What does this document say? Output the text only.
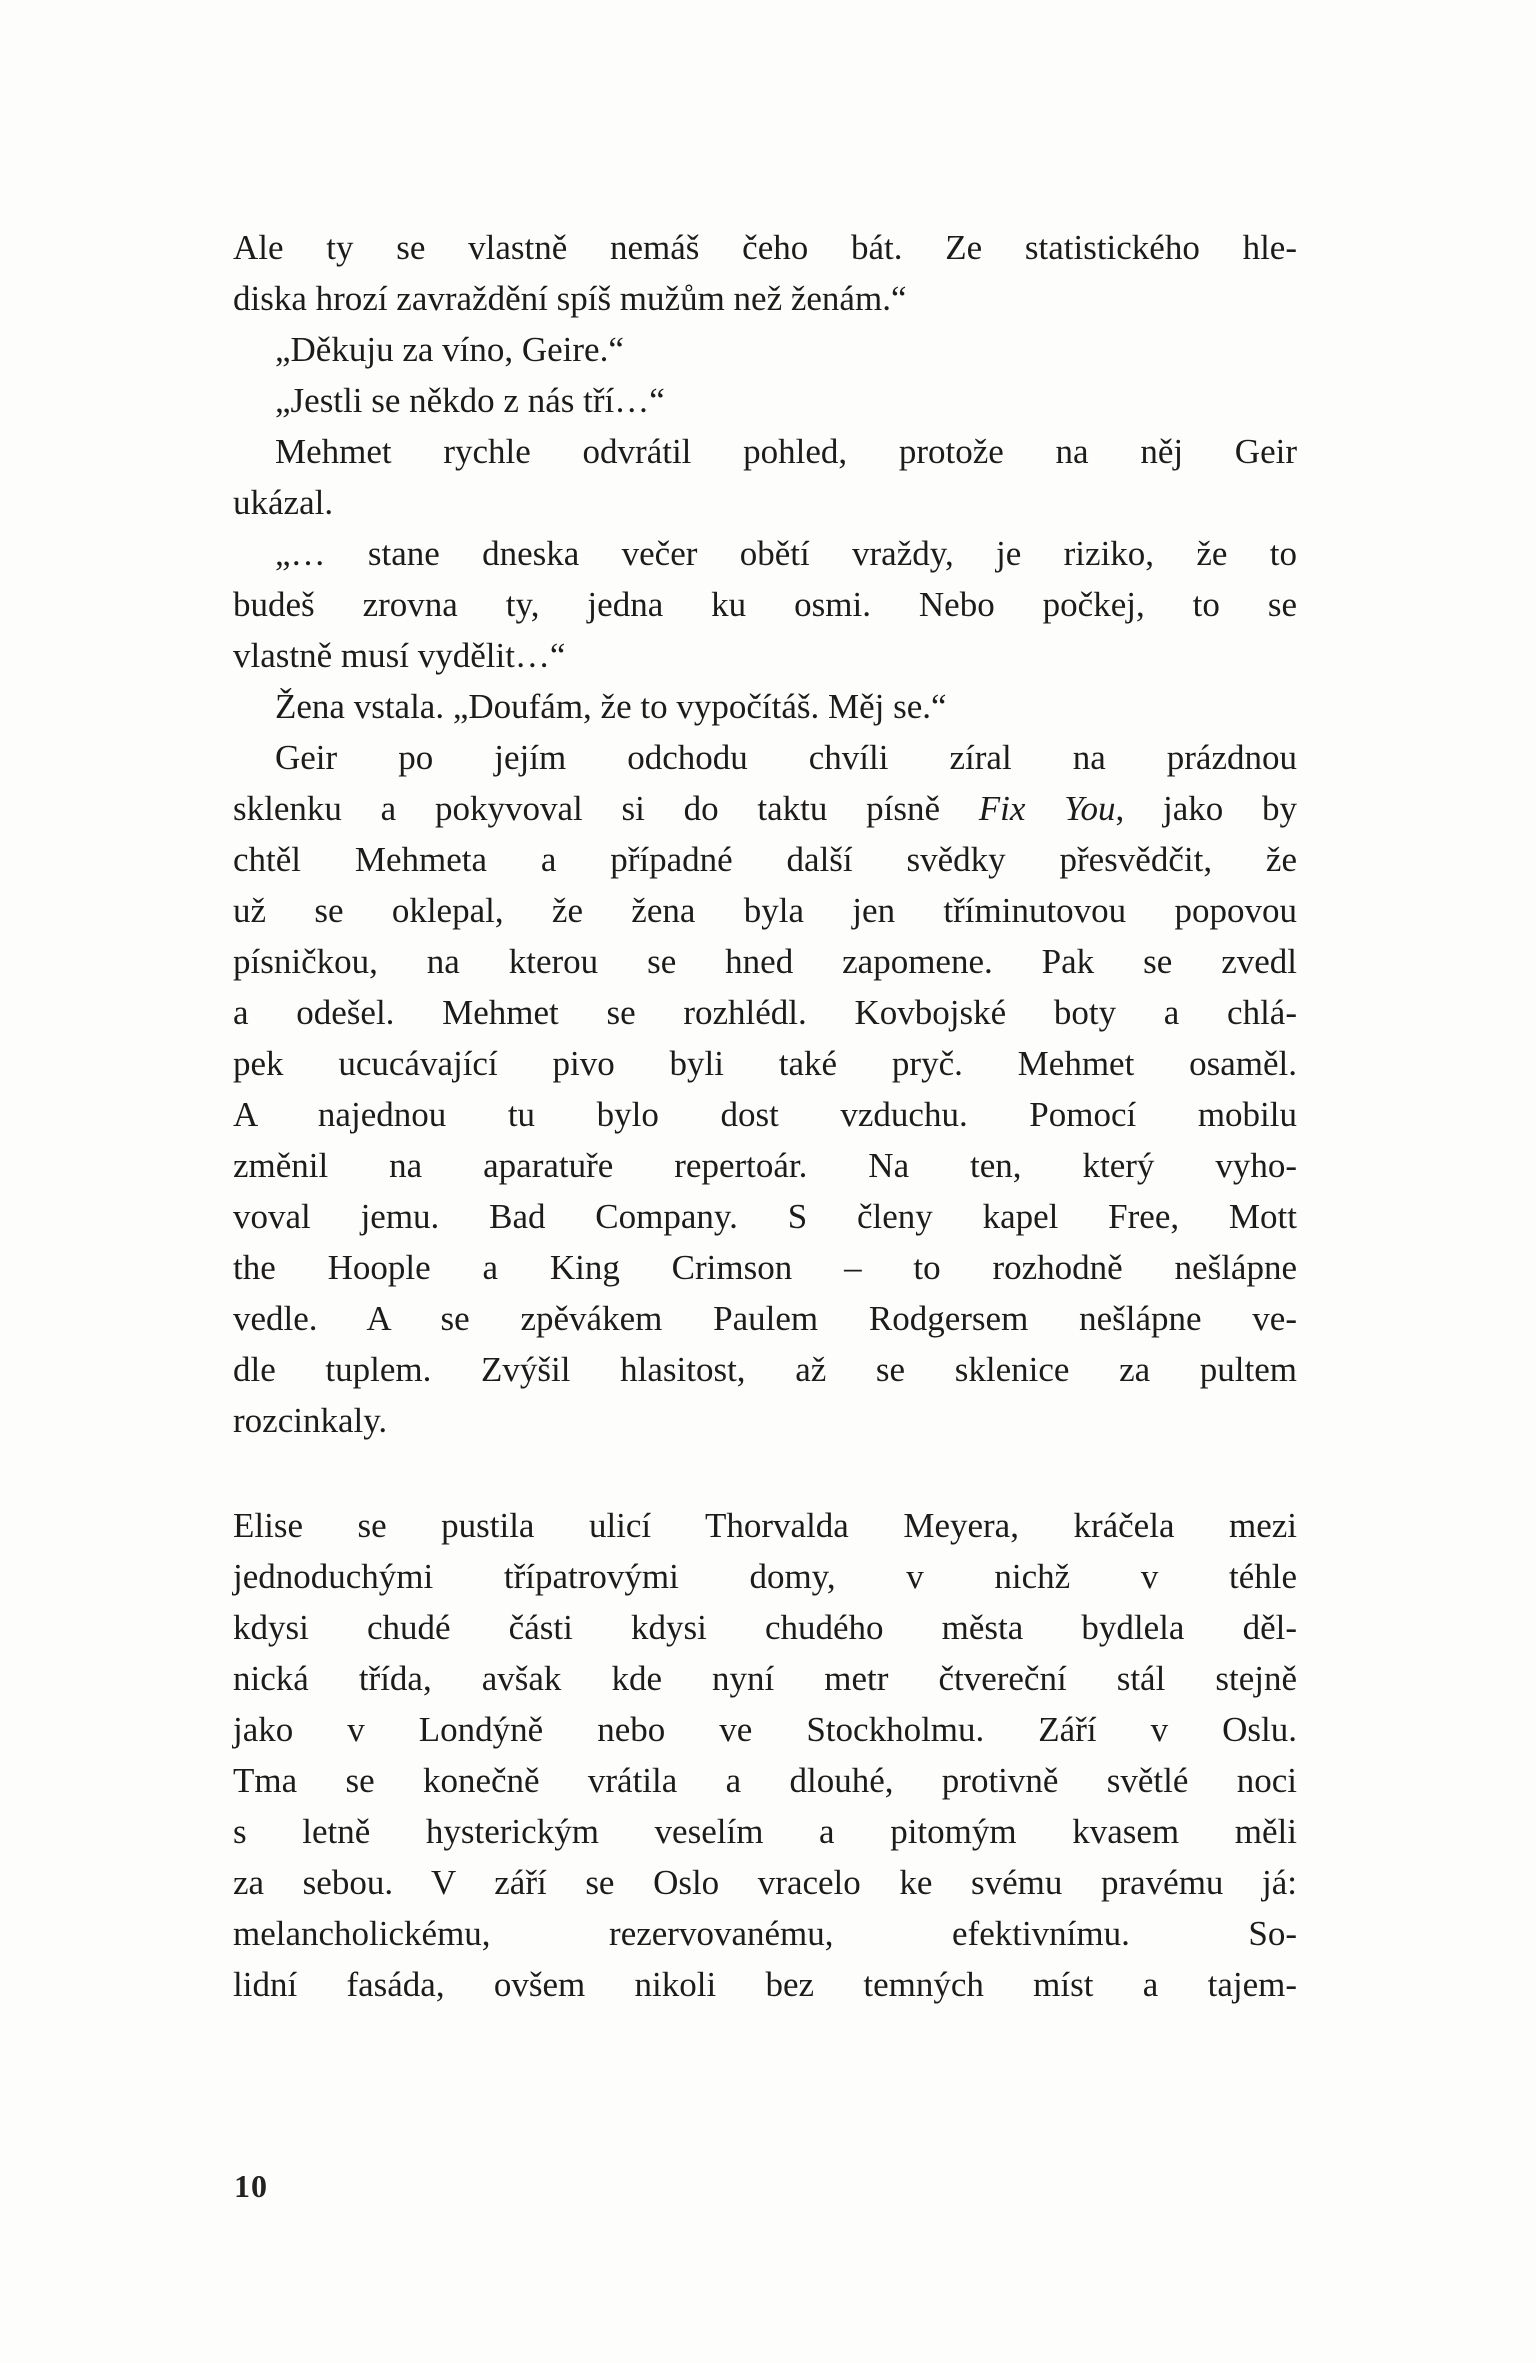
Ale ty se vlastně nemáš čeho bát. Ze statistického hle-
diska hrozí zavraždění spíš mužům než ženám.“
„Děkuju za víno, Geire.“
„Jestli se někdo z nás tří…“
Mehmet rychle odvrátil pohled, protože na něj Geir
ukázal.
„… stane dneska večer obětí vraždy, je riziko, že to
budeš zrovna ty, jedna ku osmi. Nebo počkej, to se
vlastně musí vydělit…“
Žena vstala. „Doufám, že to vypočítáš. Měj se.“
Geir po jejím odchodu chvíli zíral na prázdnou
sklenku a pokyvoval si do taktu písně Fix You, jako by
chtěl Mehmeta a případné další svědky přesvědčit, že
už se oklepal, že žena byla jen tříminutovou popovou
písničkou, na kterou se hned zapomene. Pak se zvedl
a odešel. Mehmet se rozhlédl. Kovbojské boty a chlá-
pek ucucávající pivo byli také pryč. Mehmet osaměl.
A najednou tu bylo dost vzduchu. Pomocí mobilu
změnil na aparatuře repertoár. Na ten, který vyho-
voval jemu. Bad Company. S členy kapel Free, Mott
the Hoople a King Crimson – to rozhodně nešlápne
vedle. A se zpěvákem Paulem Rodgersem nešlápne ve-
dle tuplem. Zvýšil hlasitost, až se sklenice za pultem
rozcinkaly.
Elise se pustila ulicí Thorvalda Meyera, kráčela mezi
jednoduchými třípatrovými domy, v nichž v téhle
kdysi chudé části kdysi chudého města bydlela děl-
nická třída, avšak kde nyní metr čtvereční stál stejně
jako v Londýně nebo ve Stockholmu. Září v Oslu.
Tma se konečně vrátila a dlouhé, protivně světlé noci
s letně hysterickým veselím a pitomým kvasem měli
za sebou. V září se Oslo vracelo ke svému pravému já:
melancholickému, rezervovanému, efektivnímu. So-
lidní fasáda, ovšem nikoli bez temných míst a tajem-
10
